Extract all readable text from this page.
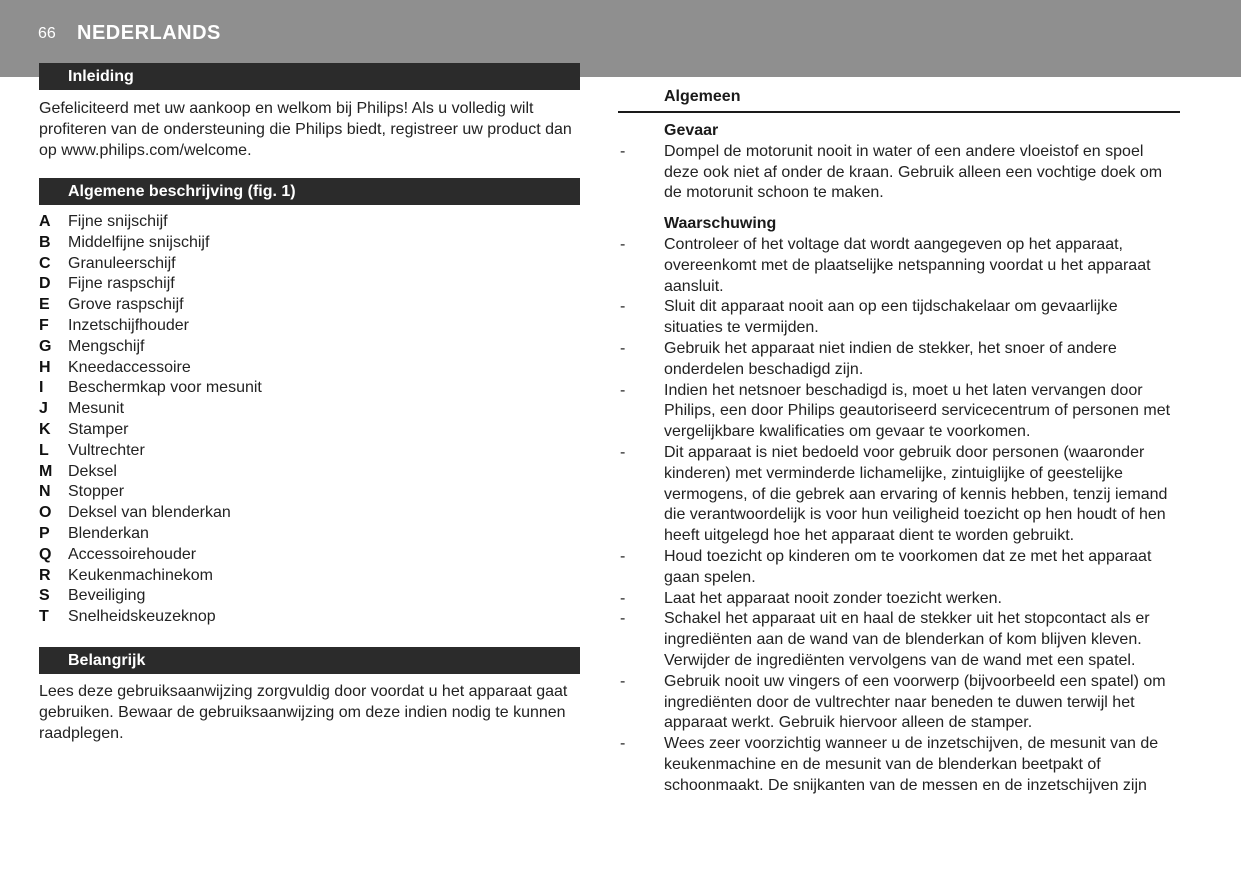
66 NEDERLANDS
Inleiding

Gefeliciteerd met uw aankoop en welkom bij Philips! Als u volledig wilt profiteren van de ondersteuning die Philips biedt, registreer uw product dan op www.philips.com/welcome.

Algemene beschrijving (fig. 1)
A	Fijne snijschijf
B	Middelfijne snijschijf
C	Granuleerschijf
D	Fijne raspschijf
E	Grove raspschijf
F	Inzetschijfhouder
G	Mengschijf
H	Kneedaccessoire
I	Beschermkap voor mesunit
J	Mesunit
K	Stamper
L	Vultrechter
M Deksel
N	Stopper
O	Deksel van blenderkan
P	Blenderkan
Q	Accessoirehouder
R	Keukenmachinekom
S	Beveiliging
T	Snelheidskeuzeknop
Belangrijk

Lees deze gebruiksaanwijzing zorgvuldig door voordat u het apparaat gaat gebruiken. Bewaar de gebruiksaanwijzing om deze indien nodig te kunnen raadplegen.

Algemeen
Gevaar
- Dompel de motorunit nooit in water of een andere vloeistof en spoel deze ook niet af onder de kraan. Gebruik alleen een vochtige doek om de motorunit schoon te maken.
Waarschuwing
- Controleer of het voltage dat wordt aangegeven op het apparaat, overeenkomt met de plaatselijke netspanning voordat u het apparaat aansluit.
- Sluit dit apparaat nooit aan op een tijdschakelaar om gevaarlijke situaties te vermijden.
- Gebruik het apparaat niet indien de stekker, het snoer of andere onderdelen beschadigd zijn.
- Indien het netsnoer beschadigd is, moet u het laten vervangen door Philips, een door Philips geautoriseerd servicecentrum of personen met vergelijkbare kwalificaties om gevaar te voorkomen.
- Dit apparaat is niet bedoeld voor gebruik door personen (waaronder kinderen) met verminderde lichamelijke, zintuiglijke of geestelijke vermogens, of die gebrek aan ervaring of kennis hebben, tenzij iemand die verantwoordelijk is voor hun veiligheid toezicht op hen houdt of hen heeft uitgelegd hoe het apparaat dient te worden gebruikt.
- Houd toezicht op kinderen om te voorkomen dat ze met het apparaat gaan spelen.
- Laat het apparaat nooit zonder toezicht werken.
- Schakel het apparaat uit en haal de stekker uit het stopcontact als er ingrediënten aan de wand van de blenderkan of kom blijven kleven. Verwijder de ingrediënten vervolgens van de wand met een spatel.
- Gebruik nooit uw vingers of een voorwerp (bijvoorbeeld een spatel) om ingrediënten door de vultrechter naar beneden te duwen terwijl het apparaat werkt. Gebruik hiervoor alleen de stamper.
- Wees zeer voorzichtig wanneer u de inzetschijven, de mesunit van de keukenmachine en de mesunit van de blenderkan beetpakt of schoonmaakt. De snijkanten van de messen en de inzetschijven zijn
